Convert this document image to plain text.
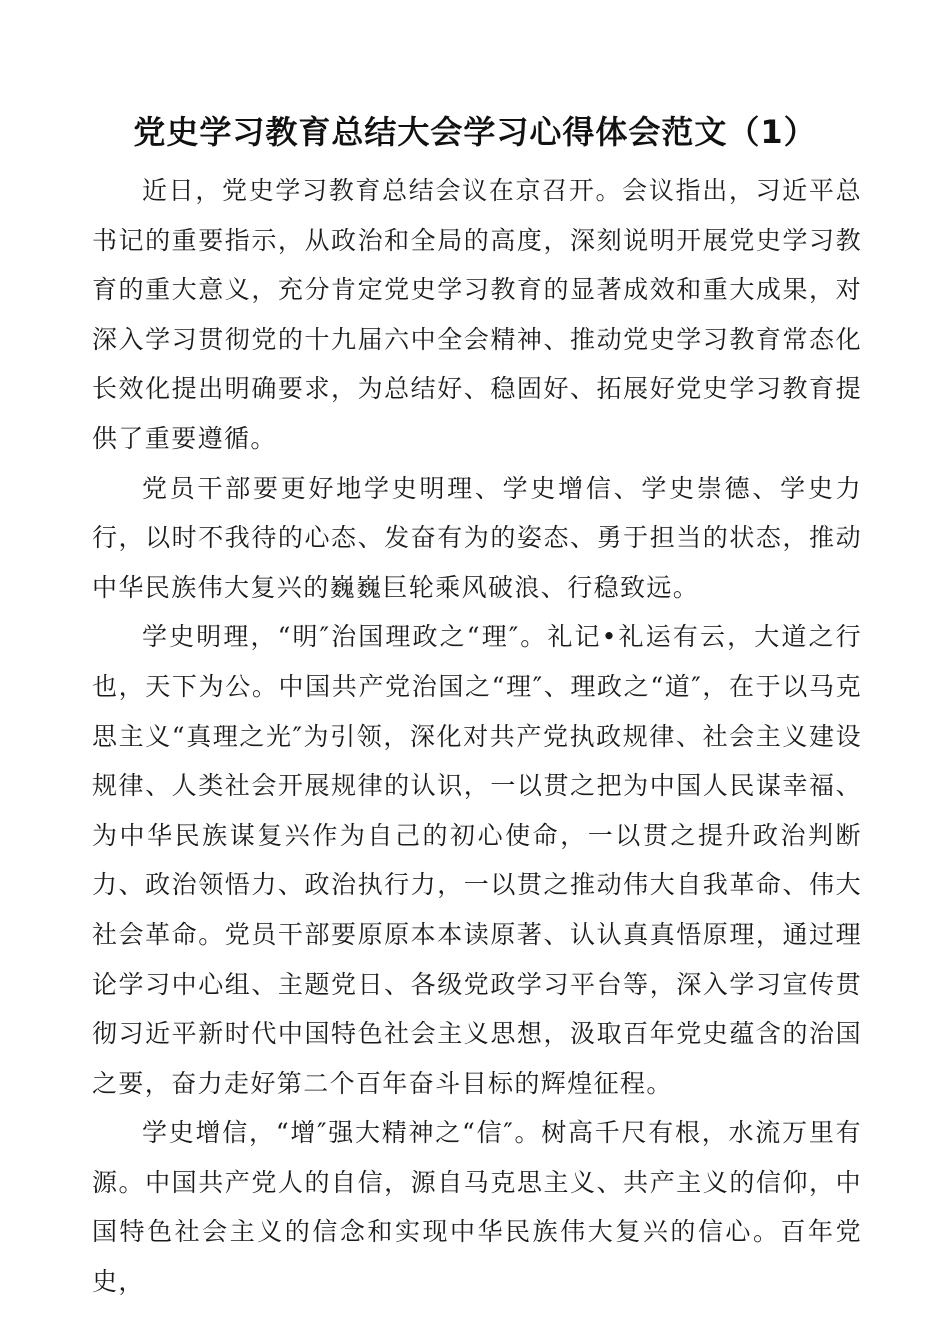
党史学习教育总结大会学习心得体会范文（1）

近日，党史学习教育总结会议在京召开。会议指出，习近平总书记的重要指示，从政治和全局的高度，深刻说明开展党史学习教育的重大意义，充分肯定党史学习教育的显著成效和重大成果，对深入学习贯彻党的十九届六中全会精神、推动党史学习教育常态化长效化提出明确要求，为总结好、稳固好、拓展好党史学习教育提供了重要遵循。

党员干部要更好地学史明理、学史增信、学史崇德、学史力行，以时不我待的心态、发奋有为的姿态、勇于担当的状态，推动中华民族伟大复兴的巍巍巨轮乘风破浪、行稳致远。

学史明理，“明″治国理政之“理″。礼记•礼运有云，大道之行也，天下为公。中国共产党治国之“理″、理政之“道″，在于以马克思主义“真理之光″为引领，深化对共产党执政规律、社会主义建设规律、人类社会开展规律的认识，一以贯之把为中国人民谋幸福、为中华民族谋复兴作为自己的初心使命，一以贯之提升政治判断力、政治领悟力、政治执行力，一以贯之推动伟大自我革命、伟大社会革命。党员干部要原原本本读原著、认认真真悟原理，通过理论学习中心组、主题党日、各级党政学习平台等，深入学习宣传贯彻习近平新时代中国特色社会主义思想，汲取百年党史蕴含的治国之要，奋力走好第二个百年奋斗目标的辉煌征程。

学史增信，“增″强大精神之“信″。树高千尺有根，水流万里有源。中国共产党人的自信，源自马克思主义、共产主义的信仰，中国特色社会主义的信念和实现中华民族伟大复兴的信心。百年党史，
